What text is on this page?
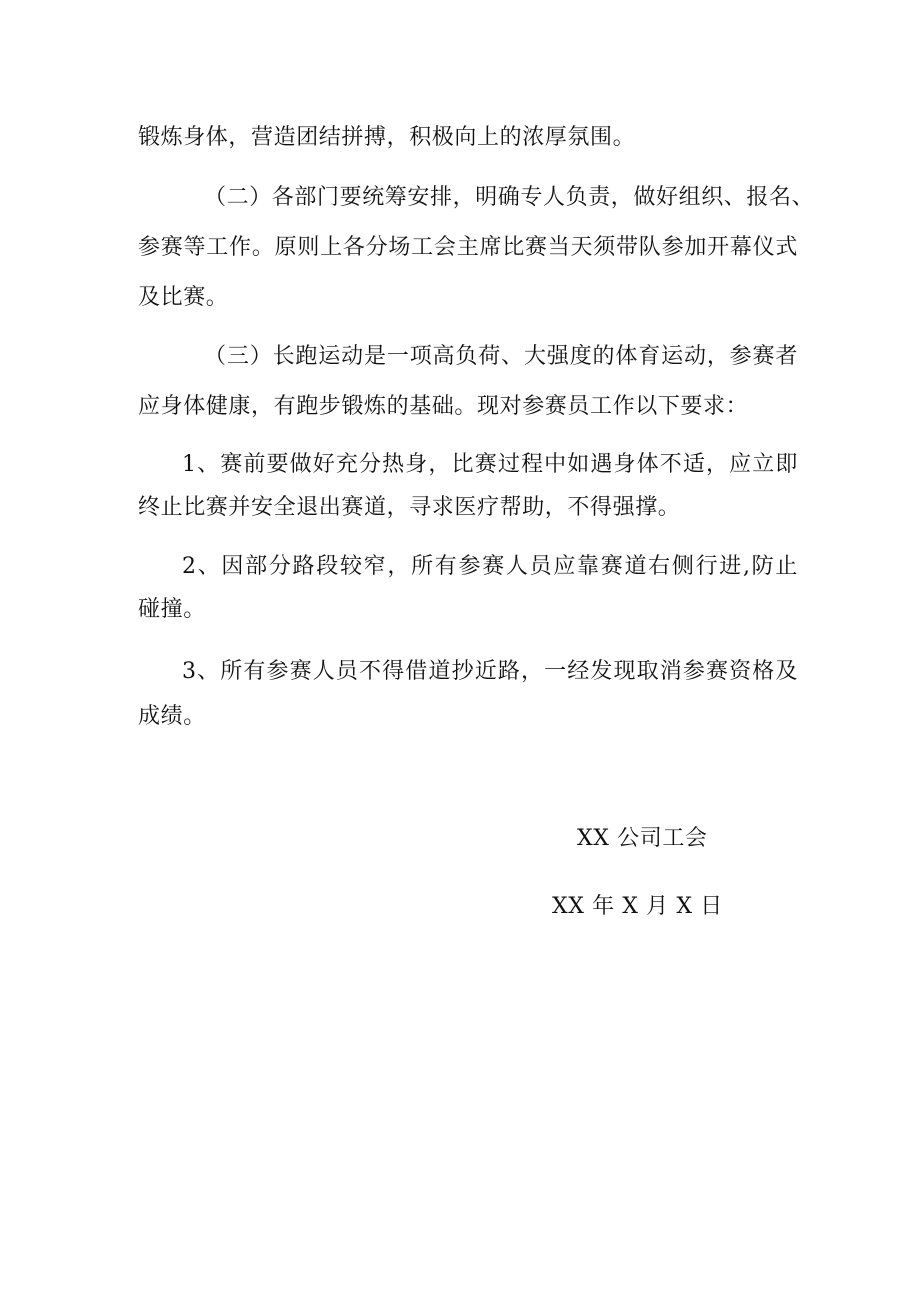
锻炼身体，营造团结拼搏，积极向上的浓厚氛围。
（二）各部门要统筹安排，明确专人负责，做好组织、报名、
参赛等工作。原则上各分场工会主席比赛当天须带队参加开幕仪式
及比赛。
（三）长跑运动是一项高负荷、大强度的体育运动，参赛者
应身体健康，有跑步锻炼的基础。现对参赛员工作以下要求：
1、赛前要做好充分热身，比赛过程中如遇身体不适，应立即
终止比赛并安全退出赛道，寻求医疗帮助，不得强撑。
2、因部分路段较窄，所有参赛人员应靠赛道右侧行进,防止
碰撞。
3、所有参赛人员不得借道抄近路，一经发现取消参赛资格及
成绩。
XX 公司工会
XX 年 X 月 X 日
